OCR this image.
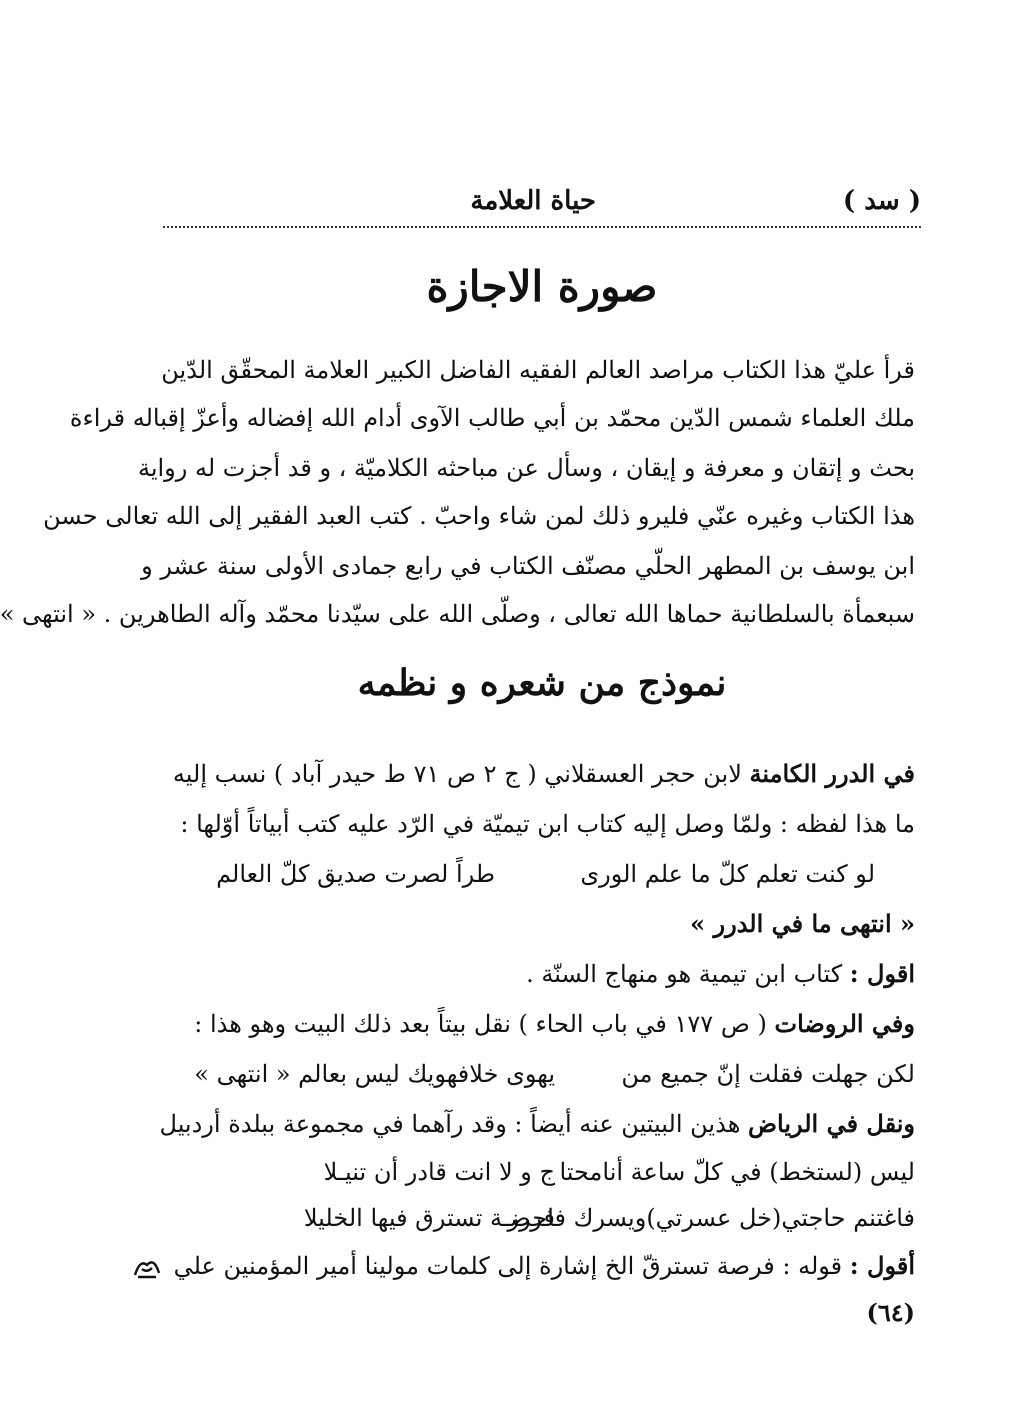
حياة العلامة	( سد )
صورة الاجازة
قرأ عليّ هذا الكتاب مراصد العالم الفقيه الفاضل الكبير العلامة المحقّق الدّين
ملك العلماء شمس الدّين محمّد بن أبي طالب الآوى أدام الله إفضاله وأعزّ إقباله قراءة
بحث و إتقان و معرفة و إيقان ، وسأل عن مباحثه الكلاميّة ، و قد أجزت له رواية
هذا الكتاب وغيره عنّي فليرو ذلك لمن شاء واحبّ . كتب العبد الفقير إلى الله تعالى حسن
ابن يوسف بن المطهر الحلّي مصنّف الكتاب في رابع جمادى الأولى سنة عشر و
سبعمأة بالسلطانية حماها الله تعالى ، وصلّى الله على سيّدنا محمّد وآله الطاهرين . « انتهى »
نموذج من شعره و نظمه
في الدرر الكامنة لابن حجر العسقلاني ( ج ٢ ص ٧١ ط حيدر آباد ) نسب إليه
ما هذا لفظه : ولمّا وصل إليه كتاب ابن تيميّة في الرّد عليه كتب أبياتاً أوّلها :
لو كنت تعلم كلّ ما علم الورى
طراً لصرت صديق كلّ العالم
« انتهى ما في الدرر »
اقول : كتاب ابن تيمية هو منهاج السنّة .
وفي الروضات ( ص ١٧٧ في باب الحاء ) نقل بيتاً بعد ذلك البيت وهو هذا :
لكن جهلت فقلت إنّ جميع من
يهوى خلافهويك ليس بعالم « انتهى »
ونقل في الرياض هذين البيتين عنه أيضاً : وقد رآهما في مجموعة ببلدة أردبيل
ليس (لستخط) في كلّ ساعة أنامحتا
ج و لا انت قادر أن تنيـلا
فاغتنم حاجتي(خل عسرتي)ويسرك فاحرز
فرصـة تسترق فيها الخليلا
أقول : قوله : فرصة تسترقّ الخ إشارة إلى كلمات مولينا أمير المؤمنين علي
(٦٤)
